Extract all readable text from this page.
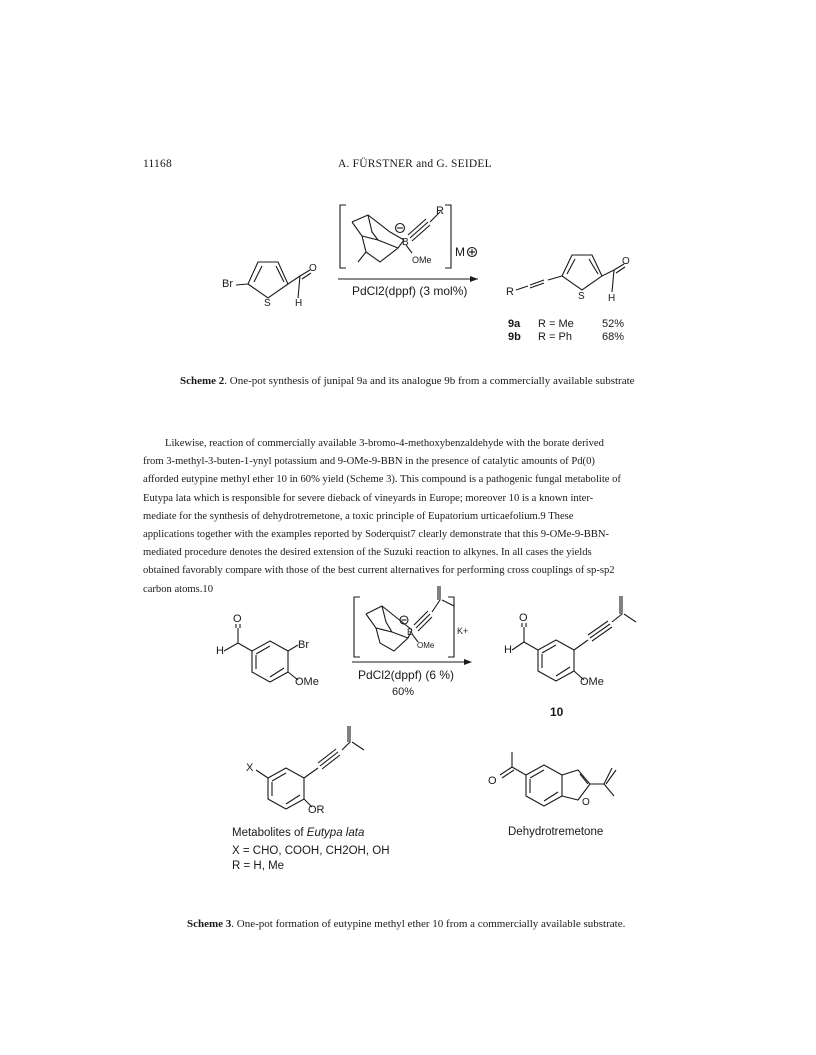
11168	A. FÜRSTNER and G. SEIDEL
R
B
OMe
M
PdCl2(dppf) (3 mol%)
Br
S H
O
R	S H
O
9a	R = Me	52%
9b R = Ph	68%
Scheme 2. One-pot synthesis of junipal 9a and its analogue 9b from a commercially available substrate
Likewise, reaction of commercially available 3-bromo-4-methoxybenzaldehyde with the borate derived
from 3-methyl-3-buten-1-ynyl potassium and 9-OMe-9-BBN in the presence of catalytic amounts of Pd(0)
afforded eutypine methyl ether 10 in 60% yield (Scheme 3). This compound is a pathogenic fungal metabolite of
Eutypa lata which is responsible for severe dieback of vineyards in Europe; moreover 10 is a known inter-
mediate for the synthesis of dehydrotremetone, a toxic principle of Eupatorium urticaefolium.9 These
applications together with the examples reported by Soderquist7 clearly demonstrate that this 9-OMe-9-BBN-
mediated procedure denotes the desired extension of the Suzuki reaction to alkynes. In all cases the yields
obtained favorably compare with those of the best current alternatives for performing cross couplings of sp-sp2
carbon atoms.10
H
O
Br
OMe
B
OMe
K+
PdCl2(dppf) (6 %)
60%
H
O
OMe
10
X
OR
O
O
Metabolites of Eutypa lata
X = CHO, COOH, CH2OH, OH
R = H, Me
Dehydrotremetone
Scheme 3. One-pot formation of eutypine methyl ether 10 from a commercially available substrate.
